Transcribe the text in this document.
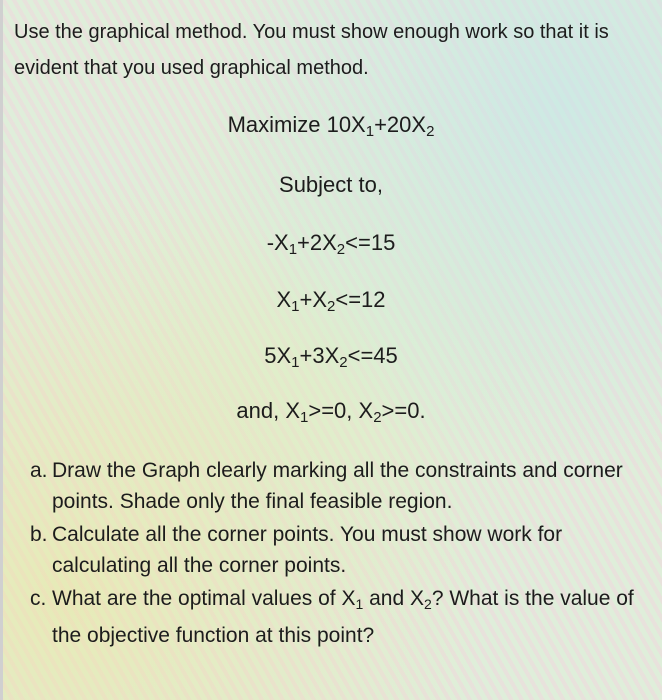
Use the graphical method. You must show enough work so that it is
evident that you used graphical method.
Maximize $10X_1+20X_2$
Subject to,
$-X_1+2X_2<=15$
$X_1+X_2<=12$
$5X_1+3X_2<=45$
and, $X_1>=0$, $X_2>=0$.
a. Draw the Graph clearly marking all the constraints and corner points. Shade only the final feasible region.
b. Calculate all the corner points. You must show work for calculating all the corner points.
c. What are the optimal values of $X_1$ and $X_2$? What is the value of the objective function at this point?
